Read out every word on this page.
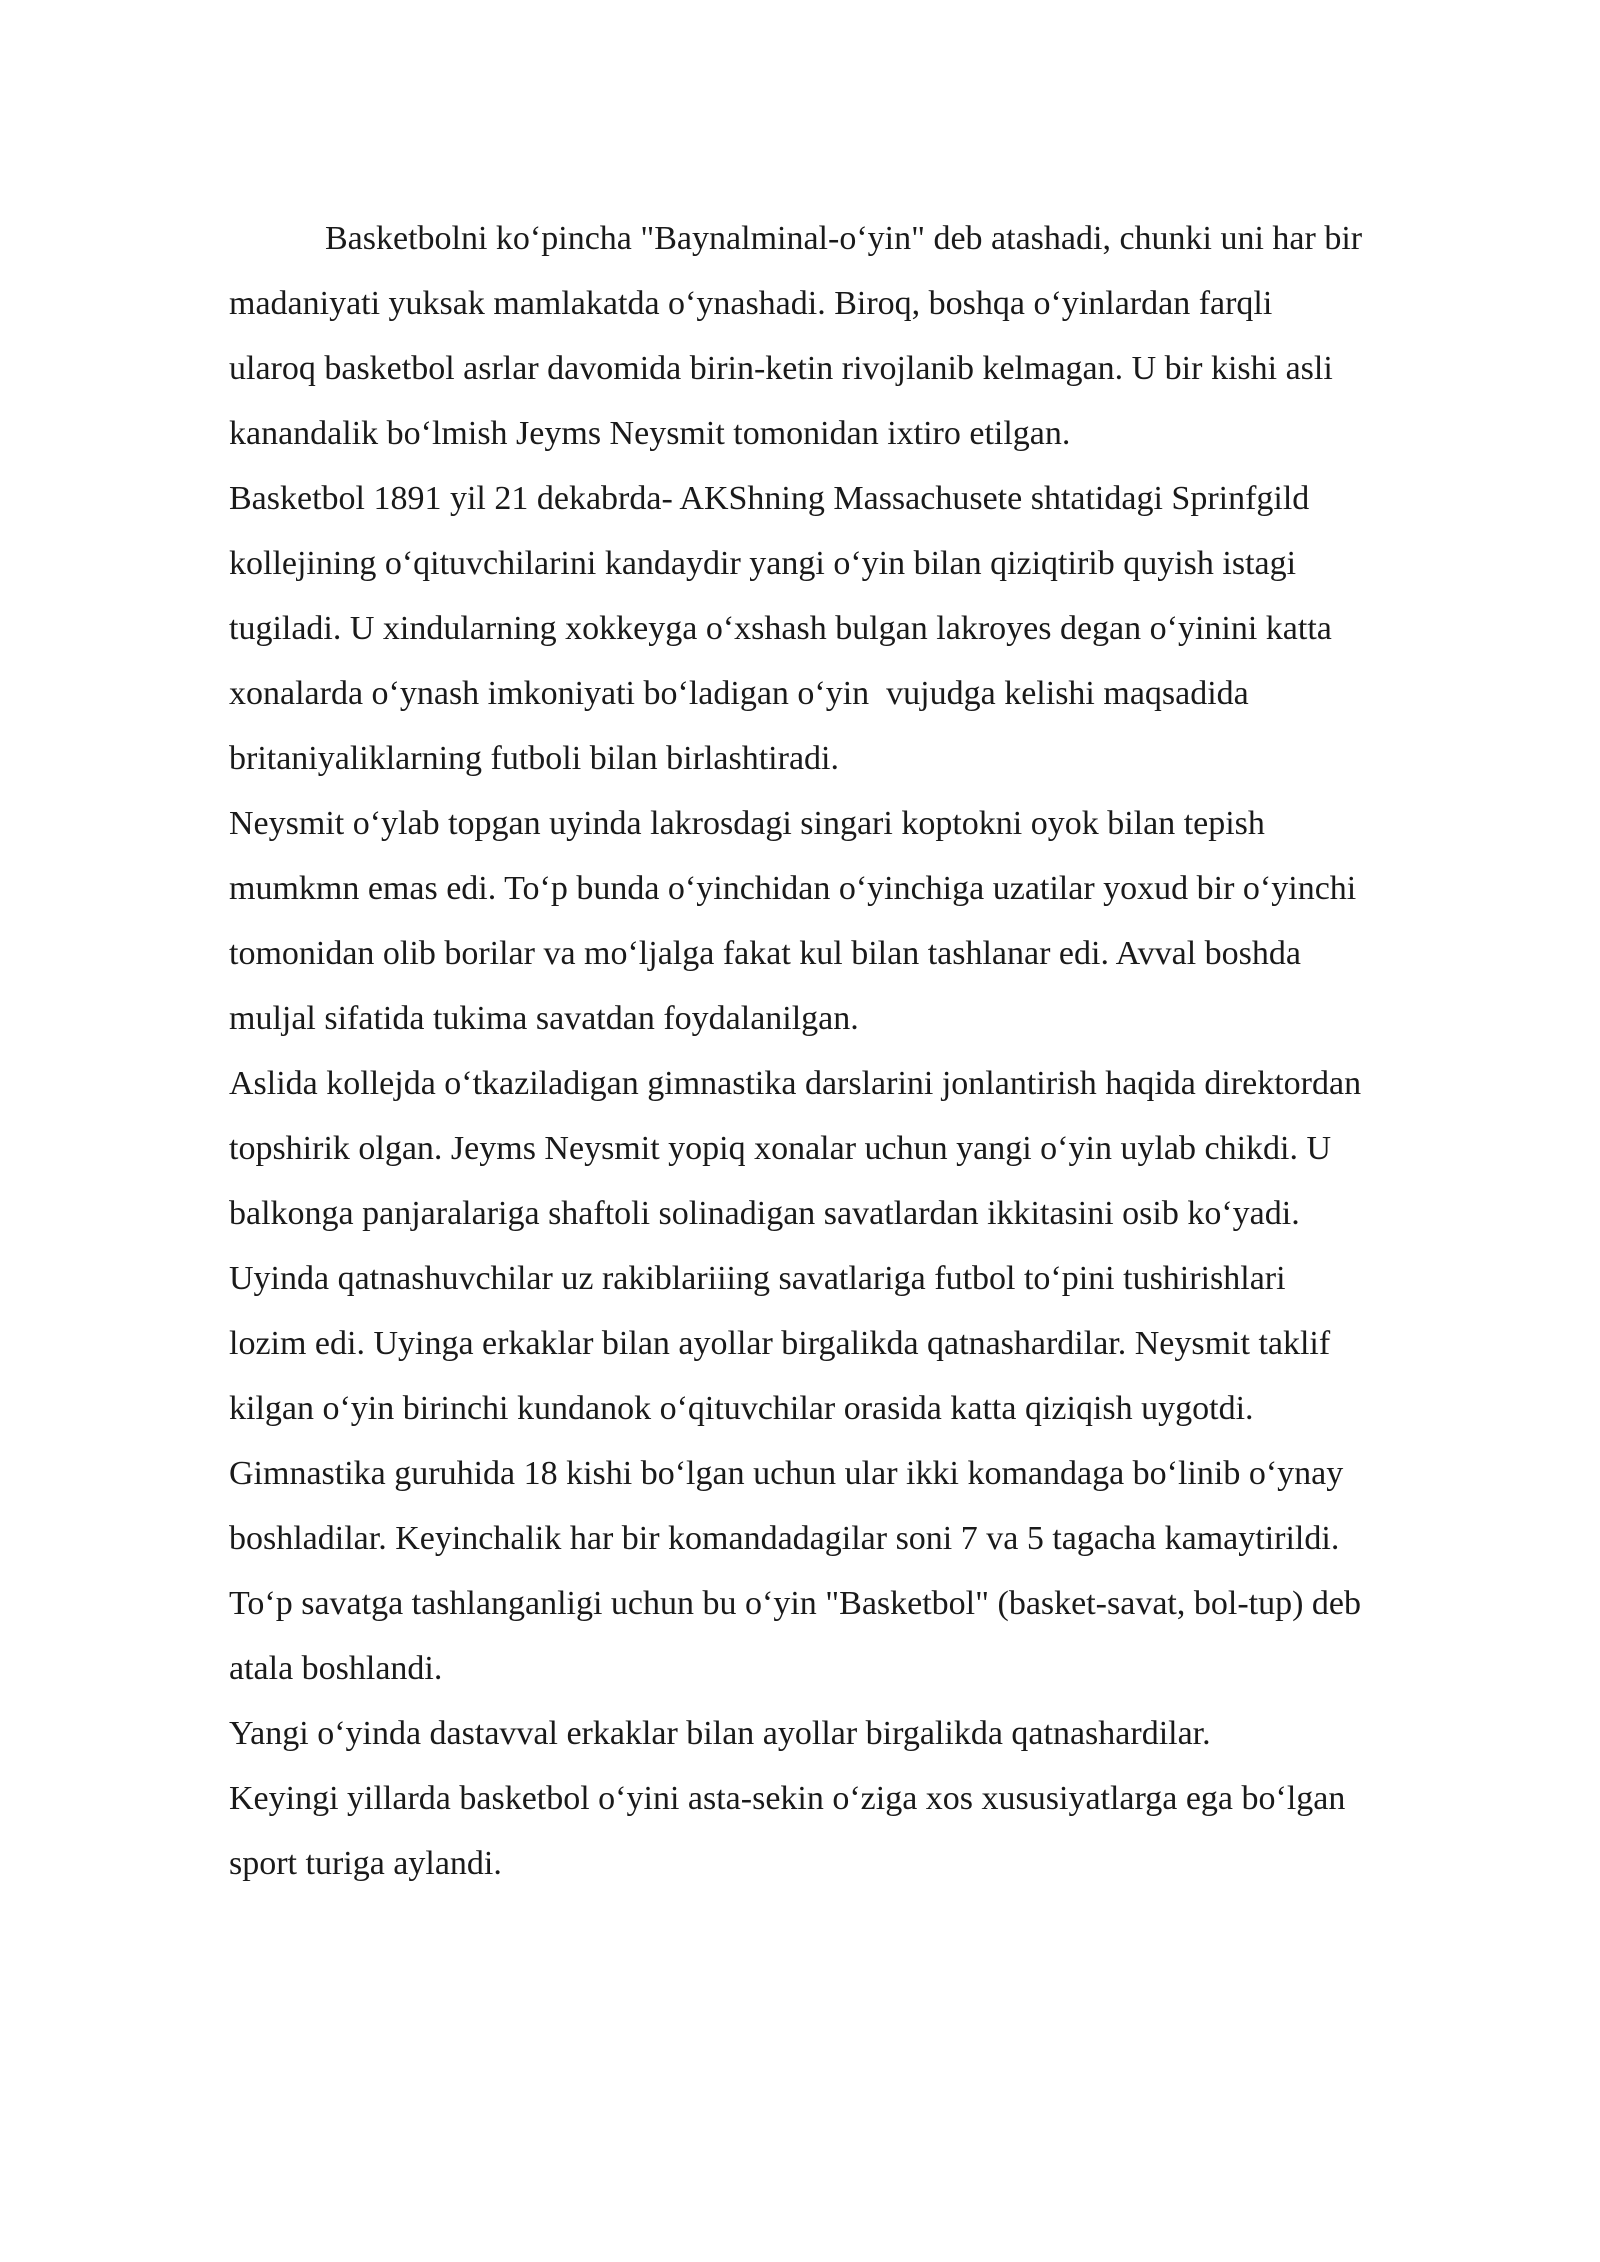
Basketbolni koʻpincha "Baynalminal-oʻyin" deb atashadi, chunki uni har bir
madaniyati yuksak mamlakatda oʻynashadi. Biroq, boshqa oʻyinlardan farqli
ularoq basketbol asrlar davomida birin-ketin rivojlanib kelmagan. U bir kishi asli
kanandalik boʻlmish Jeyms Neysmit tomonidan ixtiro etilgan.

Basketbol 1891 yil 21 dekabrda- AKShning Massachusete shtatidagi Sprinfgild
kollejining oʻqituvchilarini kandaydir yangi oʻyin bilan qiziqtirib quyish istagi
tugiladi. U xindularning xokkeyga oʻxshash bulgan lakroyes degan oʻyinini katta
xonalarda oʻynash imkoniyati boʻladigan oʻyin  vujudga kelishi maqsadida
britaniyaliklarning futboli bilan birlashtiradi.

Neysmit oʻylab topgan uyinda lakrosdagi singari koptokni oyok bilan tepish
mumkmn emas edi. Toʻp bunda oʻyinchidan oʻyinchiga uzatilar yoxud bir oʻyinchi
tomonidan olib borilar va moʻljalga fakat kul bilan tashlanar edi. Avval boshda
muljal sifatida tukima savatdan foydalanilgan.

Aslida kollejda oʻtkaziladigan gimnastika darslarini jonlantirish haqida direktordan
topshirik olgan. Jeyms Neysmit yopiq xonalar uchun yangi oʻyin uylab chikdi. U
balkonga panjaralariga shaftoli solinadigan savatlardan ikkitasini osib koʻyadi.
Uyinda qatnashuvchilar uz rakiblariiing savatlariga futbol toʻpini tushirishlari
lozim edi. Uyinga erkaklar bilan ayollar birgalikda qatnashardilar. Neysmit taklif
kilgan oʻyin birinchi kundanok oʻqituvchilar orasida katta qiziqish uygotdi.
Gimnastika guruhida 18 kishi boʻlgan uchun ular ikki komandaga boʻlinib oʻynay
boshladilar. Keyinchalik har bir komandadagilar soni 7 va 5 tagacha kamaytirildi.
Toʻp savatga tashlanganligi uchun bu oʻyin "Basketbol" (basket-savat, bol-tup) deb
atala boshlandi.

Yangi oʻyinda dastavval erkaklar bilan ayollar birgalikda qatnashardilar.

Keyingi yillarda basketbol oʻyini asta-sekin oʻziga xos xususiyatlarga ega boʻlgan
sport turiga aylandi.
